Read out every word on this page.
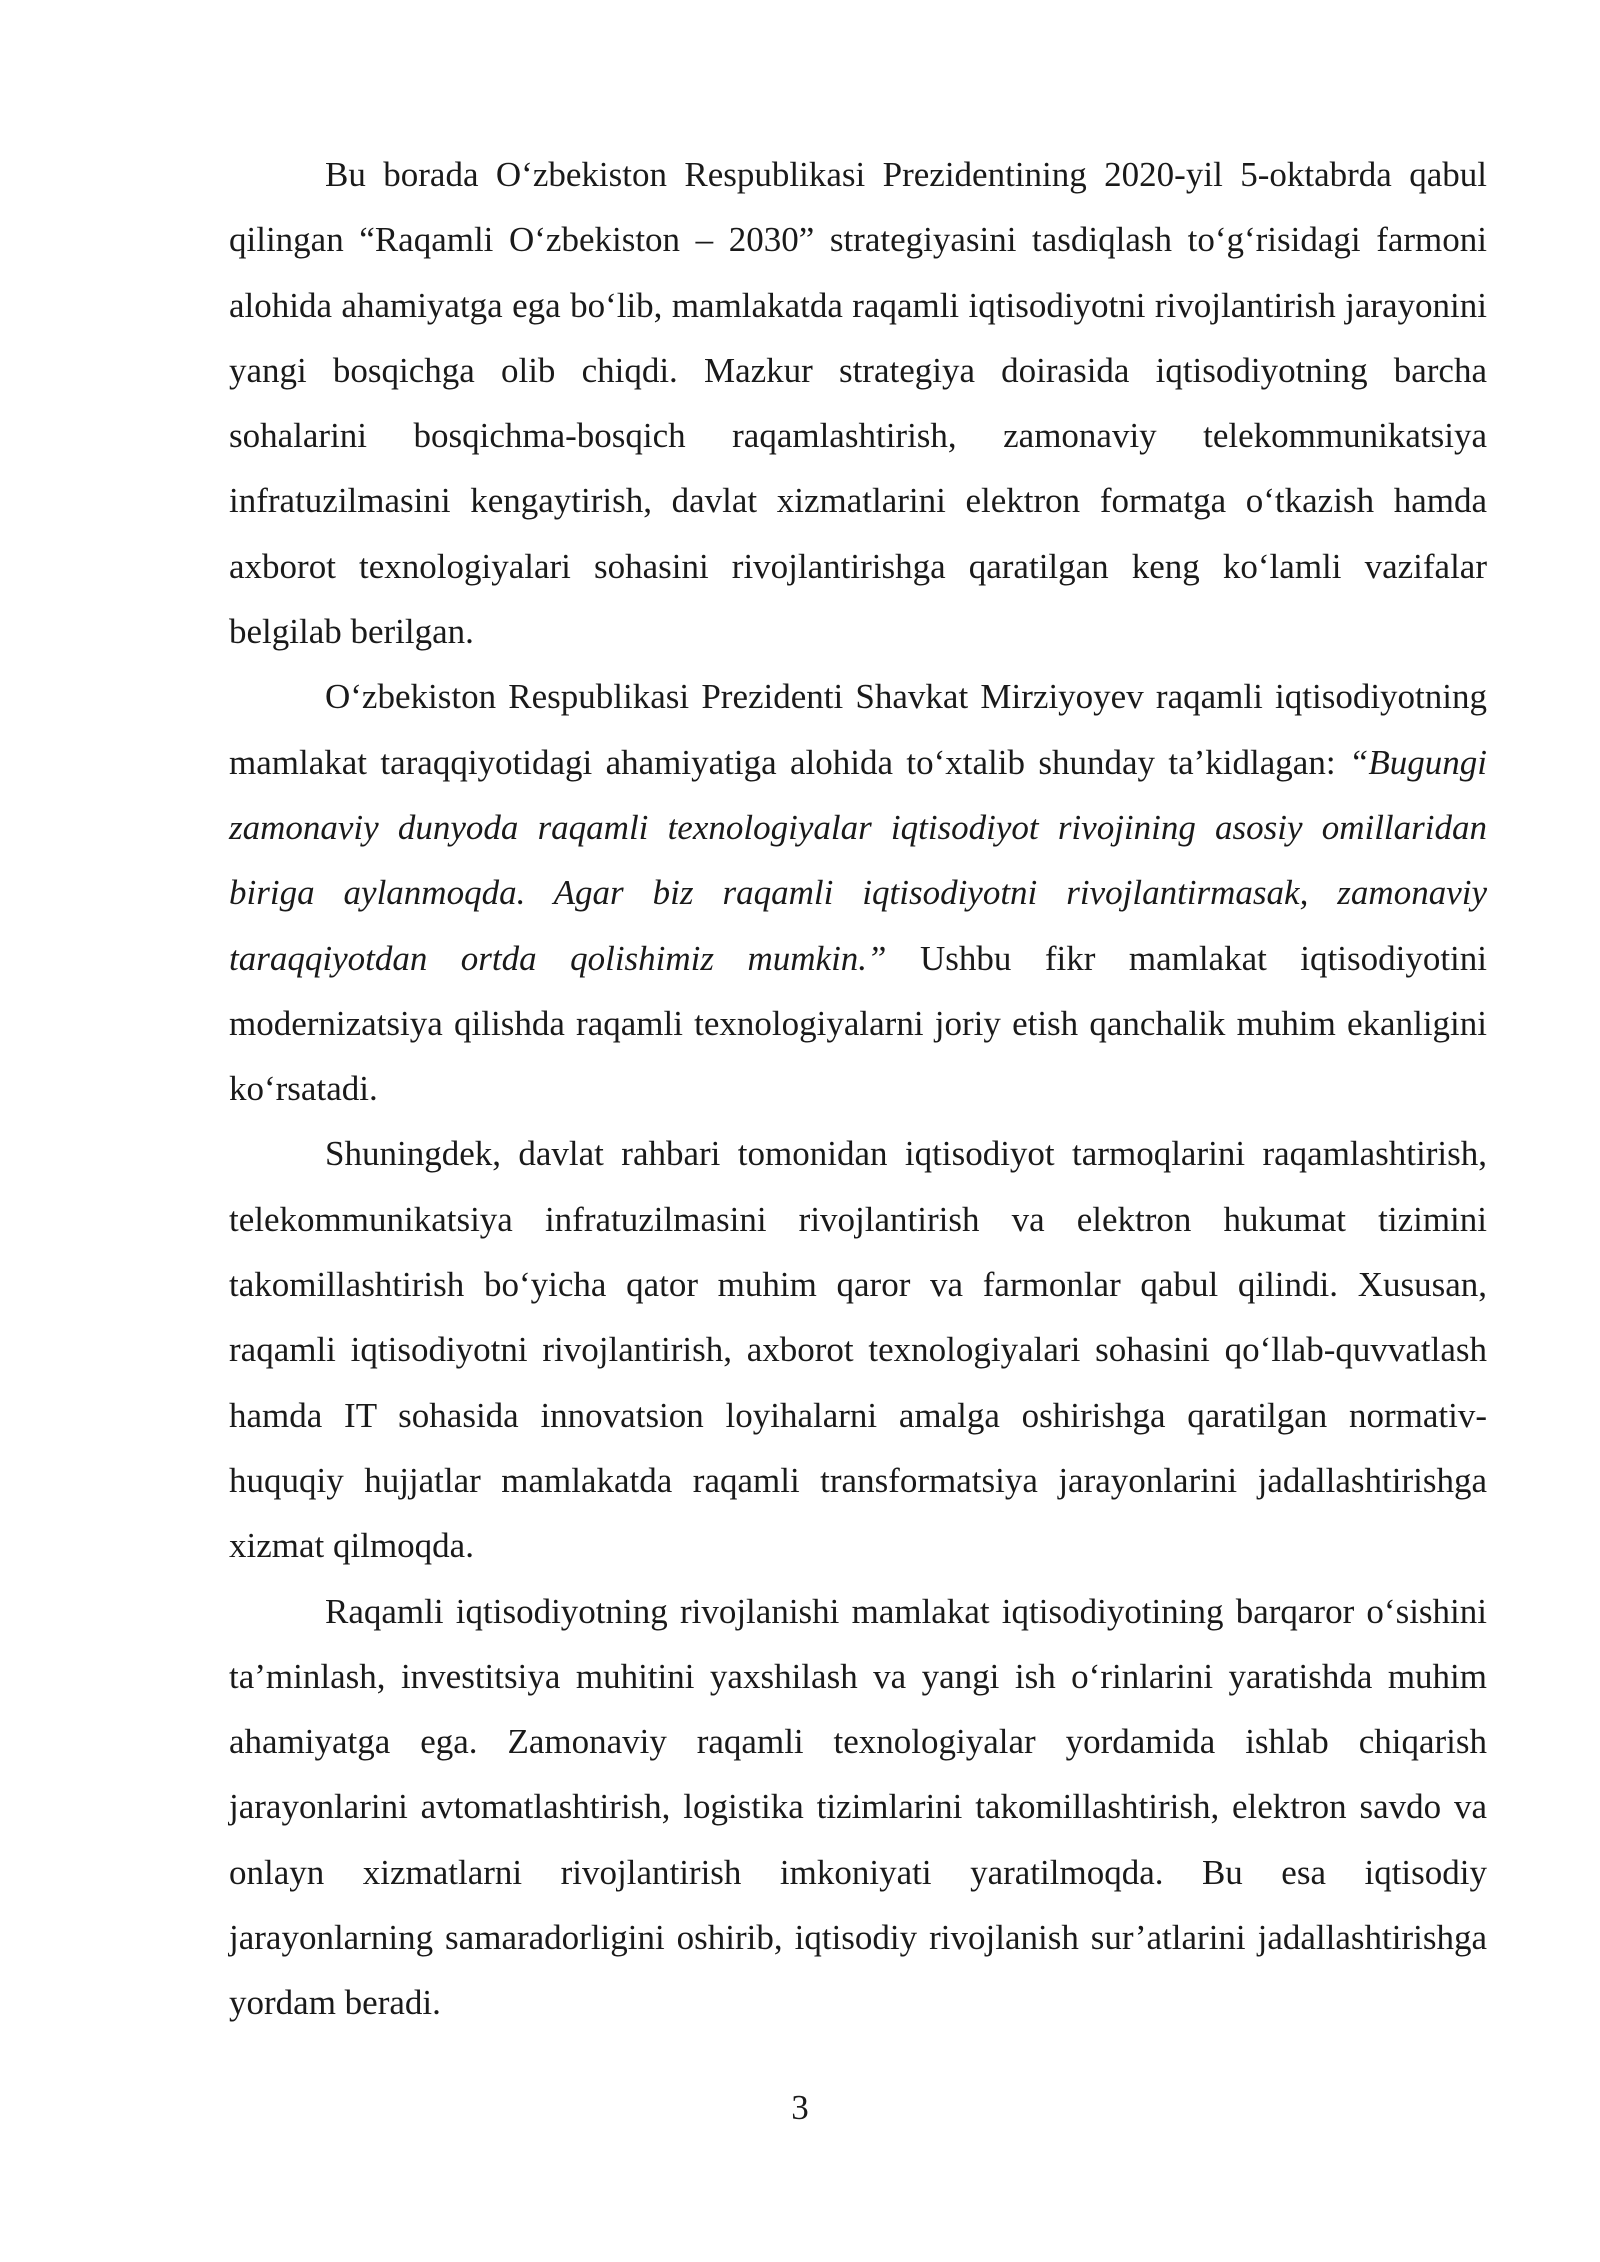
Bu borada O‘zbekiston Respublikasi Prezidentining 2020-yil 5-oktabrda qabul qilingan “Raqamli O‘zbekiston – 2030” strategiyasini tasdiqlash to‘g‘risidagi farmoni alohida ahamiyatga ega bo‘lib, mamlakatda raqamli iqtisodiyotni rivojlantirish jarayonini yangi bosqichga olib chiqdi. Mazkur strategiya doirasida iqtisodiyotning barcha sohalarini bosqichma-bosqich raqamlashtirish, zamonaviy telekommunikatsiya infratuzilmasini kengaytirish, davlat xizmatlarini elektron formatga o‘tkazish hamda axborot texnologiyalari sohasini rivojlantirishga qaratilgan keng ko‘lamli vazifalar belgilab berilgan.

O‘zbekiston Respublikasi Prezidenti Shavkat Mirziyoyev raqamli iqtisodiyotning mamlakat taraqqiyotidagi ahamiyatiga alohida to‘xtalib shunday ta’kidlagan: “Bugungi zamonaviy dunyoda raqamli texnologiyalar iqtisodiyot rivojining asosiy omillaridan biriga aylanmoqda. Agar biz raqamli iqtisodiyotni rivojlantirmasak, zamonaviy taraqqiyotdan ortda qolishimiz mumkin.” Ushbu fikr mamlakat iqtisodiyotini modernizatsiya qilishda raqamli texnologiyalarni joriy etish qanchalik muhim ekanligini ko‘rsatadi.

Shuningdek, davlat rahbari tomonidan iqtisodiyot tarmoqlarini raqamlashtirish, telekommunikatsiya infratuzilmasini rivojlantirish va elektron hukumat tizimini takomillashtirish bo‘yicha qator muhim qaror va farmonlar qabul qilindi. Xususan, raqamli iqtisodiyotni rivojlantirish, axborot texnologiyalari sohasini qo‘llab-quvvatlash hamda IT sohasida innovatsion loyihalarni amalga oshirishga qaratilgan normativ-huquqiy hujjatlar mamlakatda raqamli transformatsiya jarayonlarini jadallashtirishga xizmat qilmoqda.

Raqamli iqtisodiyotning rivojlanishi mamlakat iqtisodiyotining barqaror o‘sishini ta’minlash, investitsiya muhitini yaxshilash va yangi ish o‘rinlarini yaratishda muhim ahamiyatga ega. Zamonaviy raqamli texnologiyalar yordamida ishlab chiqarish jarayonlarini avtomatlashtirish, logistika tizimlarini takomillashtirish, elektron savdo va onlayn xizmatlarni rivojlantirish imkoniyati yaratilmoqda. Bu esa iqtisodiy jarayonlarning samaradorligini oshirib, iqtisodiy rivojlanish sur’atlarini jadallashtirishga yordam beradi.

3
